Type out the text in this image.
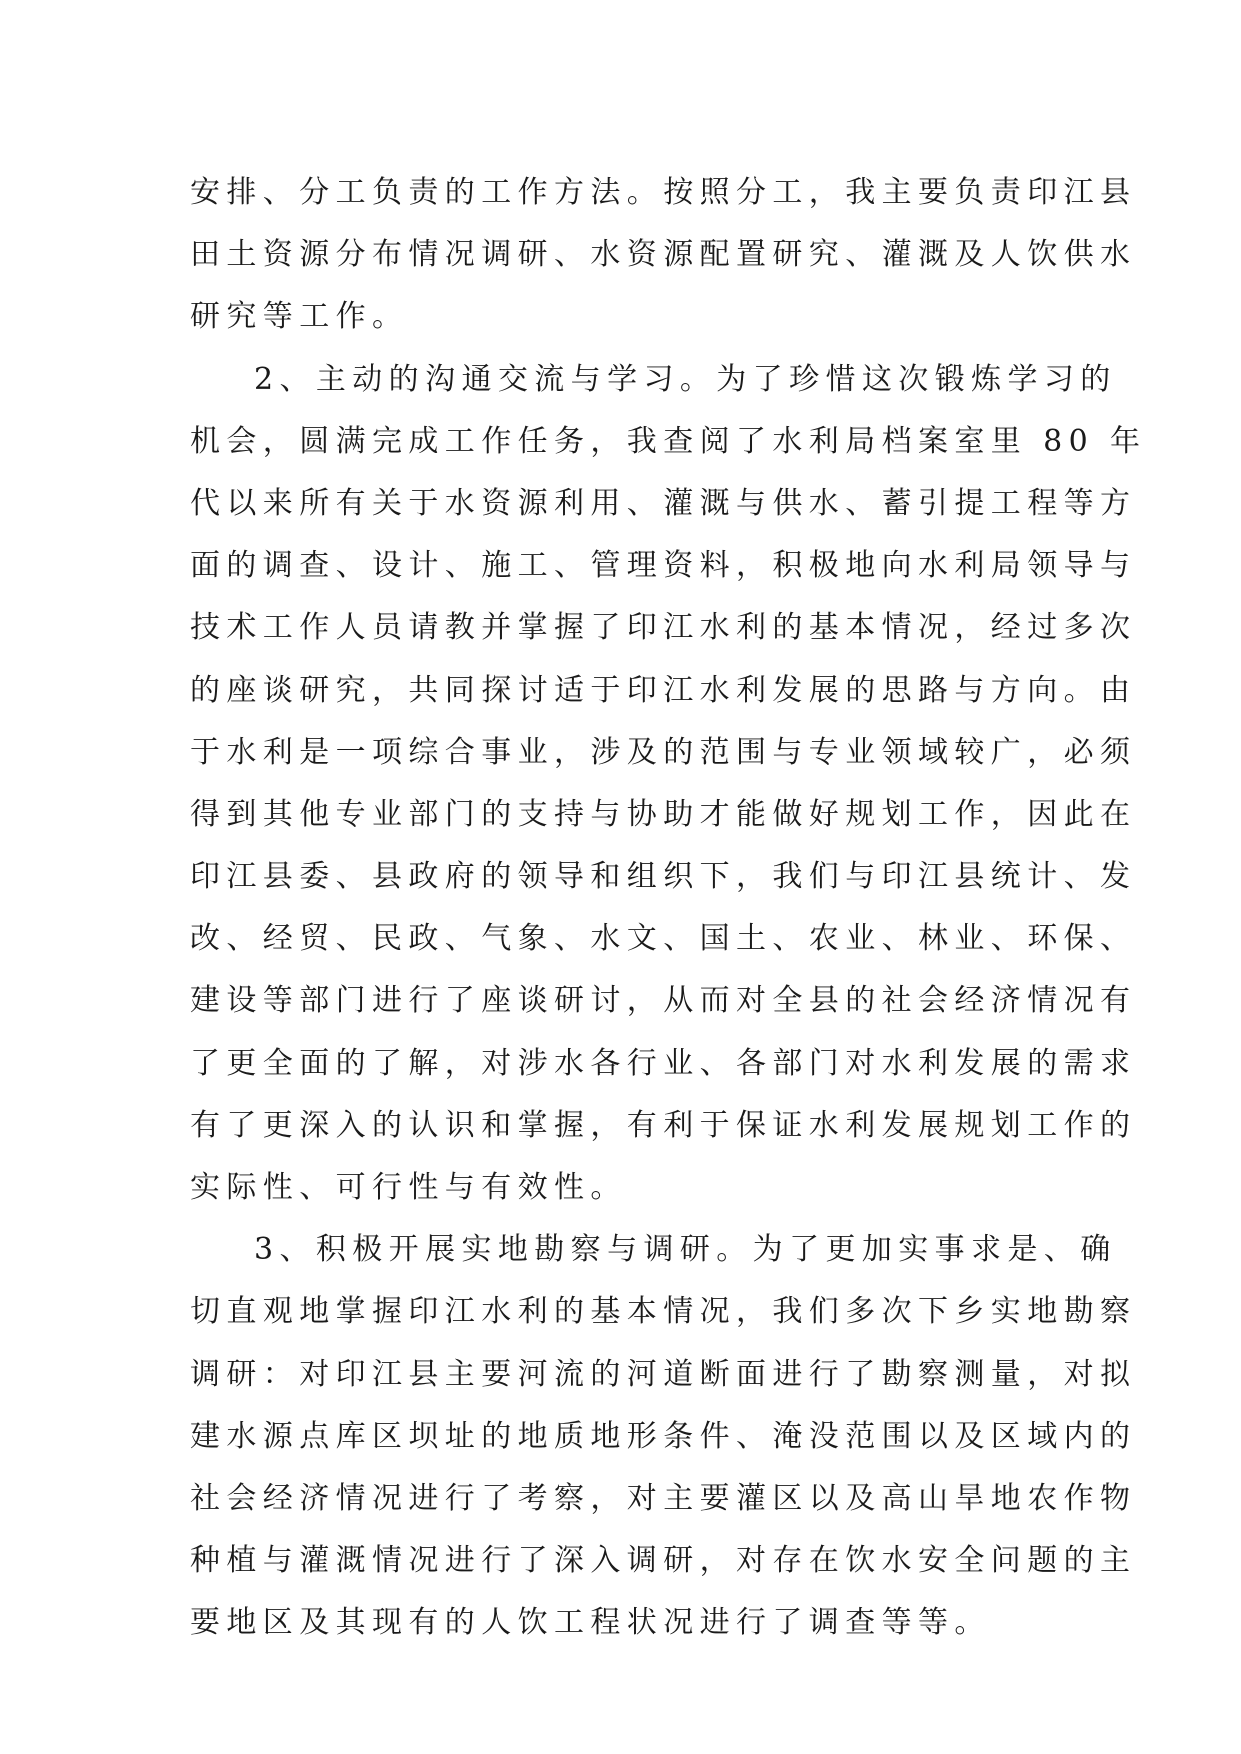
安排、分工负责的工作方法。按照分工，我主要负责印江县
田土资源分布情况调研、水资源配置研究、灌溉及人饮供水
研究等工作。
2、主动的沟通交流与学习。为了珍惜这次锻炼学习的
机会，圆满完成工作任务，我查阅了水利局档案室里 80 年
代以来所有关于水资源利用、灌溉与供水、蓄引提工程等方
面的调查、设计、施工、管理资料，积极地向水利局领导与
技术工作人员请教并掌握了印江水利的基本情况，经过多次
的座谈研究，共同探讨适于印江水利发展的思路与方向。由
于水利是一项综合事业，涉及的范围与专业领域较广，必须
得到其他专业部门的支持与协助才能做好规划工作，因此在
印江县委、县政府的领导和组织下，我们与印江县统计、发
改、经贸、民政、气象、水文、国土、农业、林业、环保、
建设等部门进行了座谈研讨，从而对全县的社会经济情况有
了更全面的了解，对涉水各行业、各部门对水利发展的需求
有了更深入的认识和掌握，有利于保证水利发展规划工作的
实际性、可行性与有效性。
3、积极开展实地勘察与调研。为了更加实事求是、确
切直观地掌握印江水利的基本情况，我们多次下乡实地勘察
调研：对印江县主要河流的河道断面进行了勘察测量，对拟
建水源点库区坝址的地质地形条件、淹没范围以及区域内的
社会经济情况进行了考察，对主要灌区以及高山旱地农作物
种植与灌溉情况进行了深入调研，对存在饮水安全问题的主
要地区及其现有的人饮工程状况进行了调查等等。
